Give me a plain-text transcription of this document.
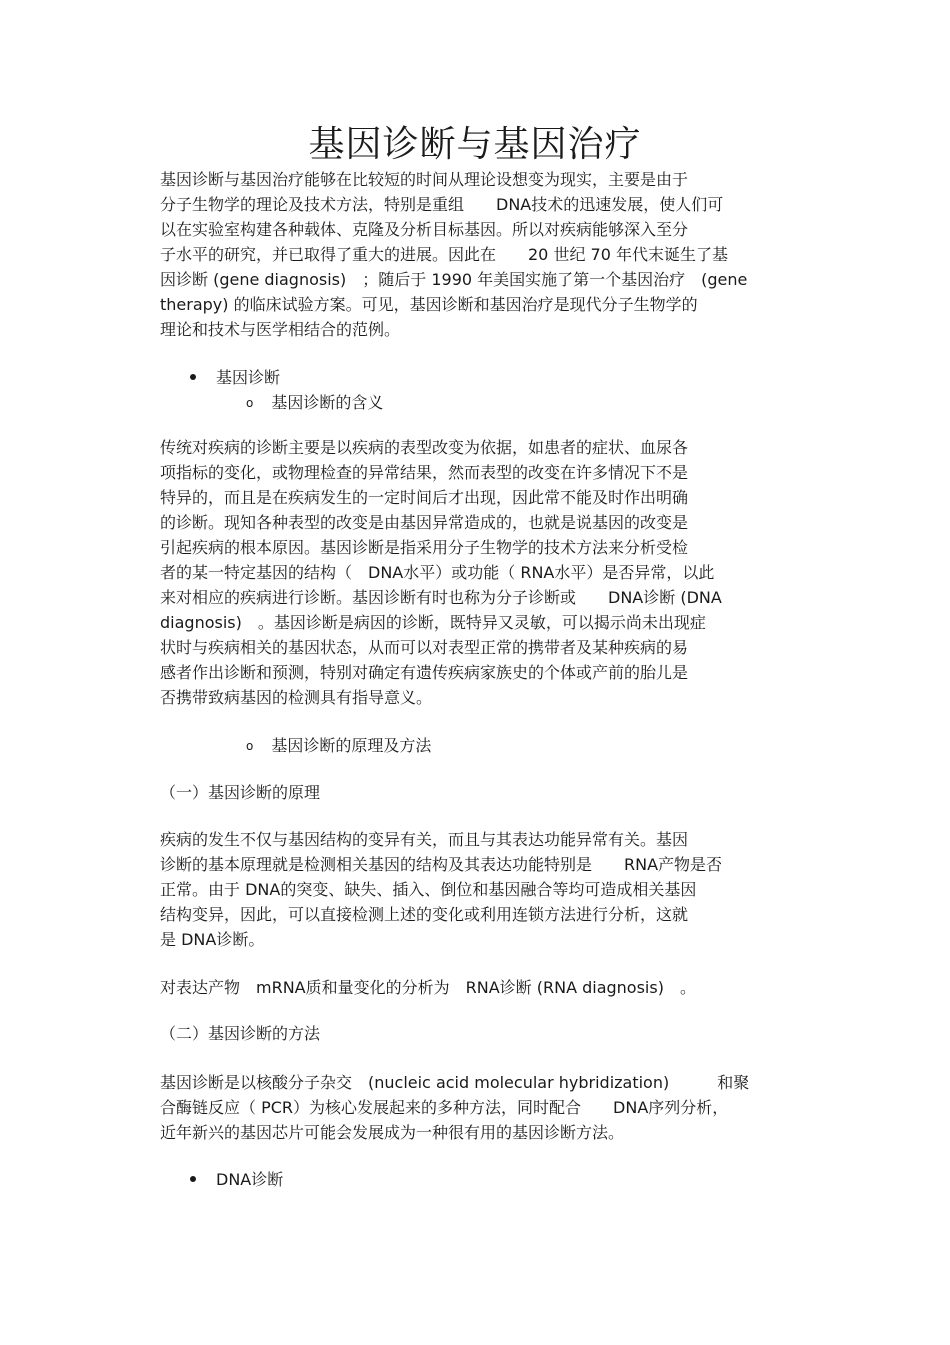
基因诊断与基因治疗

基因诊断与基因治疗能够在比较短的时间从理论设想变为现实，主要是由于
分子生物学的理论及技术方法，特别是重组　　DNA技术的迅速发展，使人们可
以在实验室构建各种载体、克隆及分析目标基因。所以对疾病能够深入至分
子水平的研究，并已取得了重大的进展。因此在　　20 世纪 70 年代末诞生了基
因诊断 (gene diagnosis)　；随后于 1990 年美国实施了第一个基因治疗　(gene
therapy) 的临床试验方案。可见，基因诊断和基因治疗是现代分子生物学的
理论和技术与医学相结合的范例。

基因诊断

o 基因诊断的含义

传统对疾病的诊断主要是以疾病的表型改变为依据，如患者的症状、血尿各
项指标的变化，或物理检查的异常结果，然而表型的改变在许多情况下不是
特异的，而且是在疾病发生的一定时间后才出现，因此常不能及时作出明确
的诊断。现知各种表型的改变是由基因异常造成的，也就是说基因的改变是
引起疾病的根本原因。基因诊断是指采用分子生物学的技术方法来分析受检
者的某一特定基因的结构（　DNA水平）或功能（ RNA水平）是否异常，以此
来对相应的疾病进行诊断。基因诊断有时也称为分子诊断或　　DNA诊断 (DNA
diagnosis)　。基因诊断是病因的诊断，既特异又灵敏，可以揭示尚未出现症
状时与疾病相关的基因状态，从而可以对表型正常的携带者及某种疾病的易
感者作出诊断和预测，特别对确定有遗传疾病家族史的个体或产前的胎儿是
否携带致病基因的检测具有指导意义。

o 基因诊断的原理及方法

（一）基因诊断的原理

疾病的发生不仅与基因结构的变异有关，而且与其表达功能异常有关。基因
诊断的基本原理就是检测相关基因的结构及其表达功能特别是　　RNA产物是否
正常。由于 DNA的突变、缺失、插入、倒位和基因融合等均可造成相关基因
结构变异，因此，可以直接检测上述的变化或利用连锁方法进行分析，这就
是 DNA诊断。

对表达产物　mRNA质和量变化的分析为　RNA诊断 (RNA diagnosis)　。

（二）基因诊断的方法

基因诊断是以核酸分子杂交　(nucleic acid molecular hybridization)　　　和聚
合酶链反应（ PCR）为核心发展起来的多种方法，同时配合　　DNA序列分析，
近年新兴的基因芯片可能会发展成为一种很有用的基因诊断方法。

DNA诊断
